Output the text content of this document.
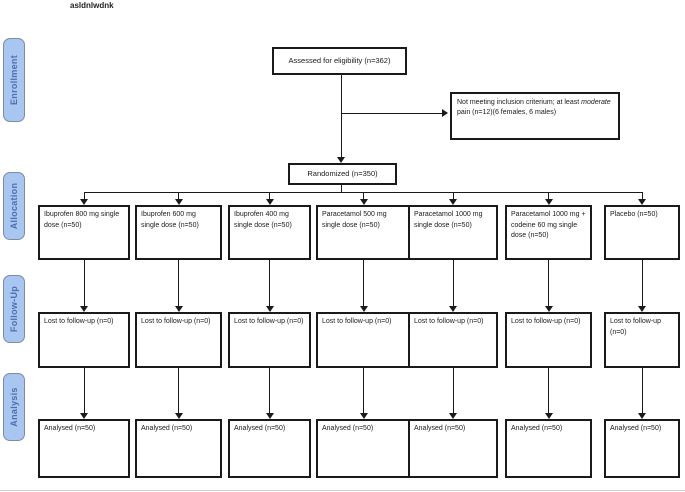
asldnlwdnk
Enrollment
Allocation
Follow-Up
Analysis
Assessed for eligibility (n=362)
Not meeting inclusion criterium; at least moderate pain (n=12)(6 females, 6 males)
Randomized (n=350)
Ibuprofen 800 mg single dose (n=50)
Lost to follow-up (n=0)
Analysed (n=50)
Ibuprofen 600 mg single dose (n=50)
Lost to follow-up (n=0)
Analysed (n=50)
Ibuprofen 400 mg single dose (n=50)
Lost to follow-up (n=0)
Analysed (n=50)
Paracetamol 500 mg single dose (n=50)
Lost to follow-up (n=0)
Analysed (n=50)
Paracetamol 1000 mg single dose (n=50)
Lost to follow-up (n=0)
Analysed (n=50)
Paracetamol 1000 mg + codeine 60 mg single dose (n=50)
Lost to follow-up (n=0)
Analysed (n=50)
Placebo (n=50)
Lost to follow-up (n=0)
Analysed (n=50)
